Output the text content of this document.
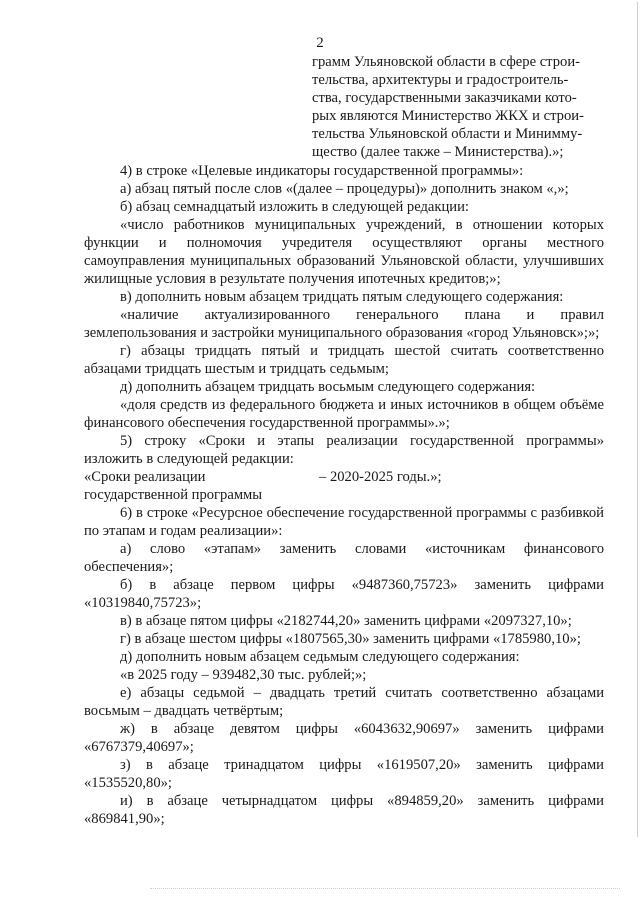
2

грамм Ульяновской области в сфере строи-

тельства, архитектуры и градостроитель-

ства, государственными заказчиками кото-

рых являются Министерство ЖКХ и строи-

тельства Ульяновской области и Минимму-

щество (далее также – Министерства).»;

4) в строке «Целевые индикаторы государственной программы»:

а) абзац пятый после слов «(далее – процедуры)» дополнить знаком «,»;

б) абзац семнадцатый изложить в следующей редакции:

«число работников муниципальных учреждений, в отношении которых функции и полномочия учредителя осуществляют органы местного самоуправления муниципальных образований Ульяновской области, улучшивших жилищные условия в результате получения ипотечных кредитов;»;

в) дополнить новым абзацем тридцать пятым следующего содержания:

«наличие актуализированного генерального плана и правил землепользования и застройки муниципального образования «город Ульяновск»;»;

г) абзацы тридцать пятый и тридцать шестой считать соответственно абзацами тридцать шестым и тридцать седьмым;

д) дополнить абзацем тридцать восьмым следующего содержания:

«доля средств из федерального бюджета и иных источников в общем объёме финансового обеспечения государственной программы».»;

5) строку «Сроки и этапы реализации государственной программы» изложить в следующей редакции:

«Сроки реализации государственной программы
– 2020-2025 годы.»;

6) в строке «Ресурсное обеспечение государственной программы с разбивкой по этапам и годам реализации»:

а) слово «этапам» заменить словами «источникам финансового обеспечения»;

б) в абзаце первом цифры «9487360,75723» заменить цифрами «10319840,75723»;

в) в абзаце пятом цифры «2182744,20» заменить цифрами «2097327,10»;

г) в абзаце шестом цифры «1807565,30» заменить цифрами «1785980,10»;

д) дополнить новым абзацем седьмым следующего содержания:

«в 2025 году – 939482,30 тыс. рублей;»;

е) абзацы седьмой – двадцать третий считать соответственно абзацами восьмым – двадцать четвёртым;

ж) в абзаце девятом цифры «6043632,90697» заменить цифрами «6767379,40697»;

з) в абзаце тринадцатом цифры «1619507,20» заменить цифрами «1535520,80»;

и) в абзаце четырнадцатом цифры «894859,20» заменить цифрами «869841,90»;
